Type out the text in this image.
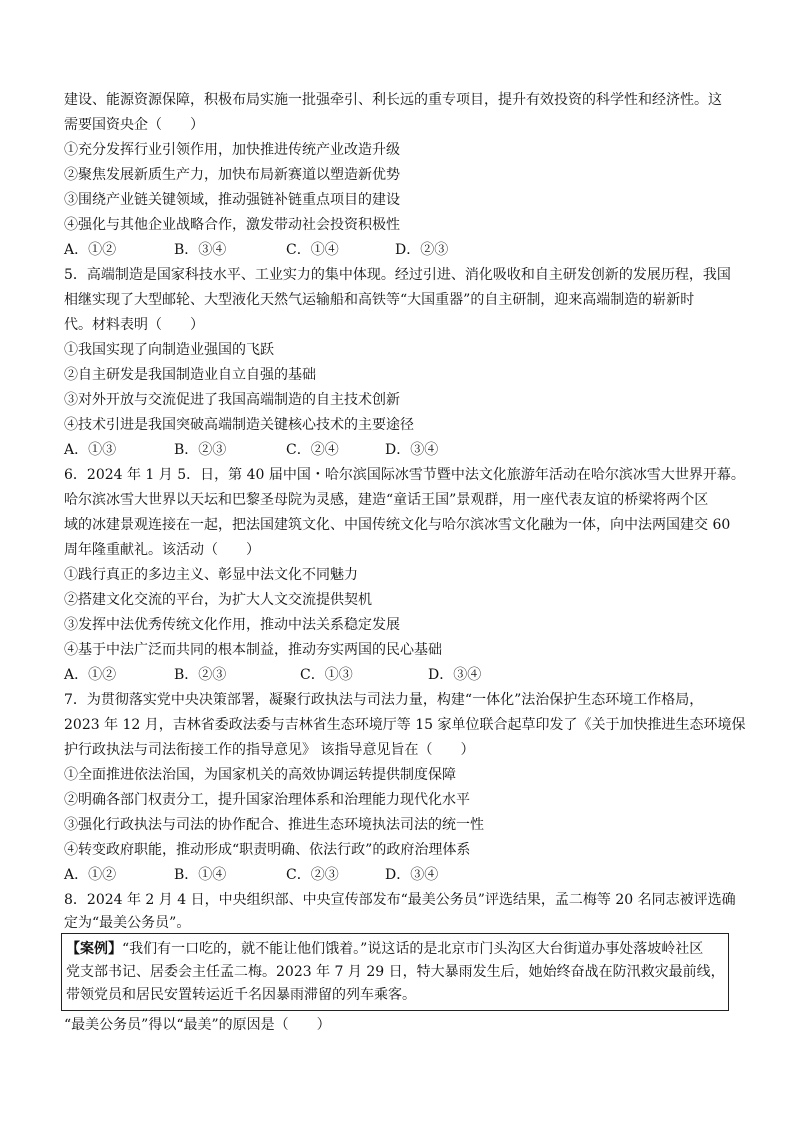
建设、能源资源保障，积极布局实施一批强牵引、利长远的重专项目，提升有效投资的科学性和经济性。这
需要国资央企（　　）
①充分发挥行业引领作用，加快推进传统产业改造升级
②聚焦发展新质生产力，加快布局新赛道以塑造新优势
③围绕产业链关键领域，推动强链补链重点项目的建设
④强化与其他企业战略合作，激发带动社会投资积极性
A．①②	B．③④	C．①④	D．②③
5．高端制造是国家科技水平、工业实力的集中体现。经过引进、消化吸收和自主研发创新的发展历程，我国
相继实现了大型邮轮、大型液化天然气运输船和高铁等“大国重器”的自主研制，迎来高端制造的崭新时
代。材料表明（　　）
①我国实现了向制造业强国的飞跃
②自主研发是我国制造业自立自强的基础
③对外开放与交流促进了我国高端制造的自主技术创新
④技术引进是我国突破高端制造关键核心技术的主要途径
A．①③	B．②③	C．②④	D．③④
6．2024 年 1 月 5．日，第 40 届中国・哈尔滨国际冰雪节暨中法文化旅游年活动在哈尔滨冰雪大世界开幕。
哈尔滨冰雪大世界以天坛和巴黎圣母院为灵感，建造“童话王国”景观群，用一座代表友谊的桥梁将两个区
域的冰建景观连接在一起，把法国建筑文化、中国传统文化与哈尔滨冰雪文化融为一体，向中法两国建交 60
周年隆重献礼。该活动（　　）
①践行真正的多边主义、彰显中法文化不同魅力
②搭建文化交流的平台，为扩大人文交流提供契机
③发挥中法优秀传统文化作用，推动中法关系稳定发展
④基于中法广泛而共同的根本制益，推动夯实两国的民心基础
A．①②	B．②③	C．①③	D．③④
7．为贯彻落实党中央决策部署，凝聚行政执法与司法力量，构建“一体化”法治保护生态环境工作格局，
2023 年 12 月，吉林省委政法委与吉林省生态环境厅等 15 家单位联合起草印发了《关于加快推进生态环境保
护行政执法与司法衔接工作的指导意见》 该指导意见旨在（　　）
①全面推进依法治国，为国家机关的高效协调运转提供制度保障
②明确各部门权责分工，提升国家治理体系和治理能力现代化水平
③强化行政执法与司法的协作配合、推进生态环境执法司法的统一性
④转变政府职能，推动形成“职责明确、依法行政”的政府治理体系
A．①②	B．①④	C．②③	D．③④
8．2024 年 2 月 4 日，中央组织部、中央宣传部发布“最美公务员”评选结果，孟二梅等 20 名同志被评选确
定为“最美公务员”。
【案例】“我们有一口吃的，就不能让他们饿着。”说这话的是北京市门头沟区大台街道办事处落坡岭社区
党支部书记、居委会主任孟二梅。2023 年 7 月 29 日，特大暴雨发生后，她始终奋战在防汛救灾最前线，
带领党员和居民安置转运近千名因暴雨滞留的列车乘客。
“最美公务员”得以“最美”的原因是（　　）
